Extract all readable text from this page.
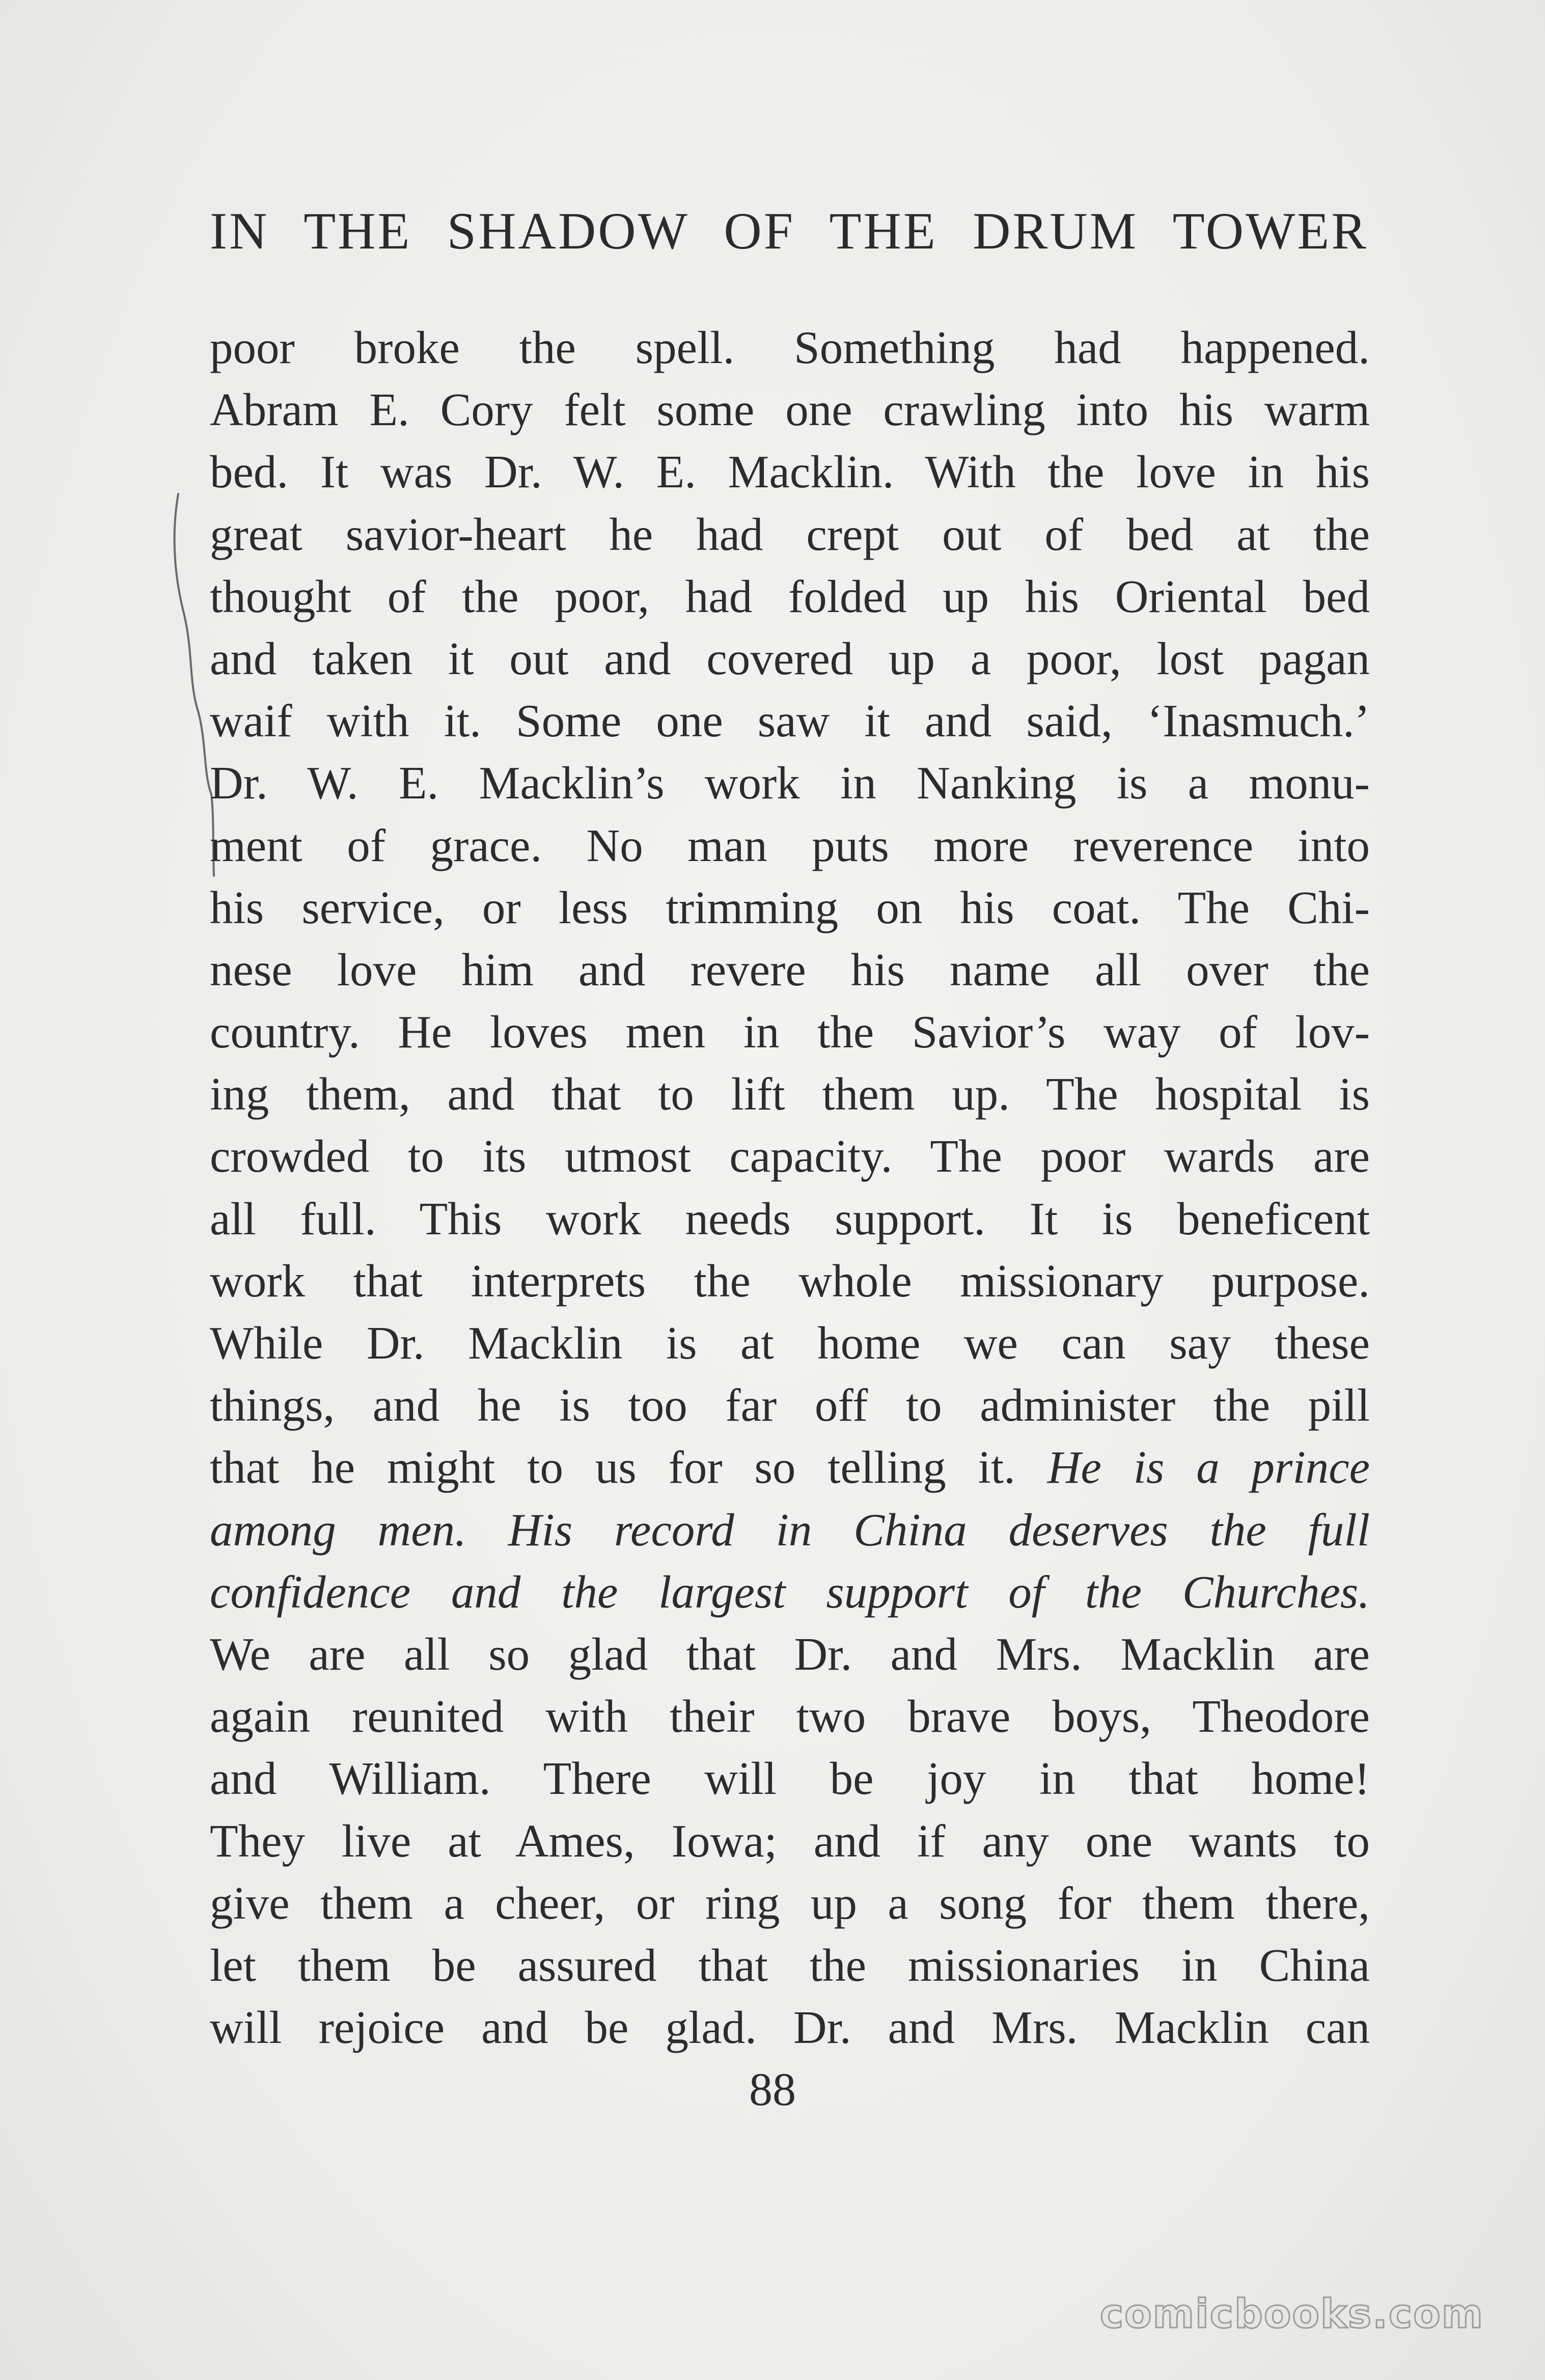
IN THE SHADOW OF THE DRUM TOWER
poor broke the spell. Something had happened.
Abram E. Cory felt some one crawling into his warm
bed. It was Dr. W. E. Macklin. With the love in his
great savior-heart he had crept out of bed at the
thought of the poor, had folded up his Oriental bed
and taken it out and covered up a poor, lost pagan
waif with it. Some one saw it and said, ‘Inasmuch.’
Dr. W. E. Macklin’s work in Nanking is a monu-
ment of grace. No man puts more reverence into
his service, or less trimming on his coat. The Chi-
nese love him and revere his name all over the
country. He loves men in the Savior’s way of lov-
ing them, and that to lift them up. The hospital is
crowded to its utmost capacity. The poor wards are
all full. This work needs support. It is beneficent
work that interprets the whole missionary purpose.
While Dr. Macklin is at home we can say these
things, and he is too far off to administer the pill
that he might to us for so telling it. He is a prince
among men. His record in China deserves the full
confidence and the largest support of the Churches.
We are all so glad that Dr. and Mrs. Macklin are
again reunited with their two brave boys, Theodore
and William. There will be joy in that home!
They live at Ames, Iowa; and if any one wants to
give them a cheer, or ring up a song for them there,
let them be assured that the missionaries in China
will rejoice and be glad. Dr. and Mrs. Macklin can
88
comicbooks.com
